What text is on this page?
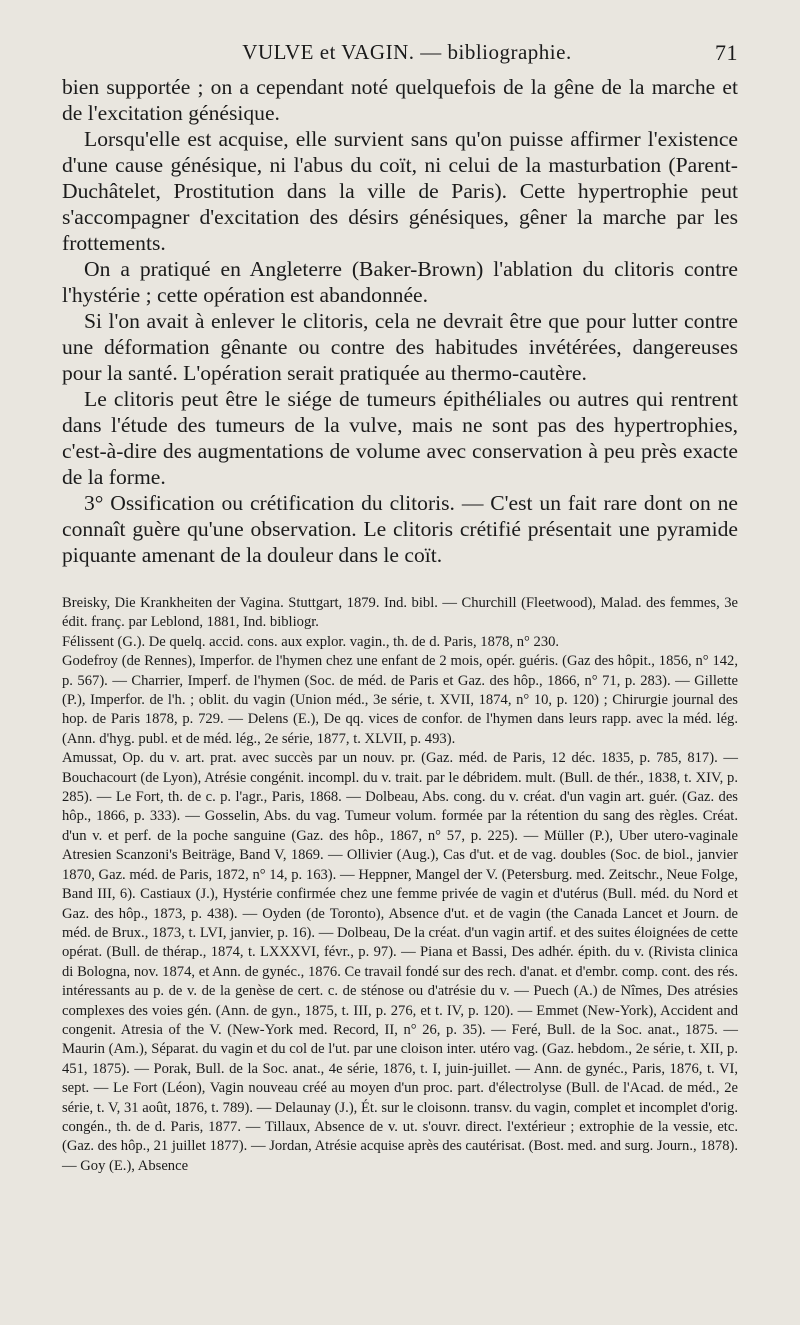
VULVE et VAGIN. — bibliographie.	71

bien supportée ; on a cependant noté quelquefois de la gêne de la marche et de l'excitation génésique.

Lorsqu'elle est acquise, elle survient sans qu'on puisse affirmer l'existence d'une cause génésique, ni l'abus du coït, ni celui de la masturbation (Parent-Duchâtelet, Prostitution dans la ville de Paris). Cette hypertrophie peut s'accompagner d'excitation des désirs génésiques, gêner la marche par les frottements.

On a pratiqué en Angleterre (Baker-Brown) l'ablation du clitoris contre l'hystérie ; cette opération est abandonnée.

Si l'on avait à enlever le clitoris, cela ne devrait être que pour lutter contre une déformation gênante ou contre des habitudes invétérées, dangereuses pour la santé. L'opération serait pratiquée au thermo-cautère.

Le clitoris peut être le siége de tumeurs épithéliales ou autres qui rentrent dans l'étude des tumeurs de la vulve, mais ne sont pas des hypertrophies, c'est-à-dire des augmentations de volume avec conservation à peu près exacte de la forme.

3° Ossification ou crétification du clitoris. — C'est un fait rare dont on ne connaît guère qu'une observation. Le clitoris crétifié présentait une pyramide piquante amenant de la douleur dans le coït.

Breisky, Die Krankheiten der Vagina. Stuttgart, 1879. Ind. bibl. — Churchill (Fleetwood), Malad. des femmes, 3e édit. franç. par Leblond, 1881, Ind. bibliogr.

Félissent (G.). De quelq. accid. cons. aux explor. vagin., th. de d. Paris, 1878, n° 230.

Godefroy (de Rennes), Imperfor. de l'hymen chez une enfant de 2 mois, opér. guéris. (Gaz des hôpit., 1856, n° 142, p. 567). — Charrier, Imperf. de l'hymen (Soc. de méd. de Paris et Gaz. des hôp., 1866, n° 71, p. 283). — Gillette (P.), Imperfor. de l'h. ; oblit. du vagin (Union méd., 3e série, t. XVII, 1874, n° 10, p. 120) ; Chirurgie journal des hop. de Paris 1878, p. 729. — Delens (E.), De qq. vices de confor. de l'hymen dans leurs rapp. avec la méd. lég. (Ann. d'hyg. publ. et de méd. lég., 2e série, 1877, t. XLVII, p. 493).

Amussat, Op. du v. art. prat. avec succès par un nouv. pr. (Gaz. méd. de Paris, 12 déc. 1835, p. 785, 817). — Bouchacourt (de Lyon), Atrésie congénit. incompl. du v. trait. par le débridem. mult. (Bull. de thér., 1838, t. XIV, p. 285). — Le Fort, th. de c. p. l'agr., Paris, 1868. — Dolbeau, Abs. cong. du v. créat. d'un vagin art. guér. (Gaz. des hôp., 1866, p. 333). — Gosselin, Abs. du vag. Tumeur volum. formée par la rétention du sang des règles. Créat. d'un v. et perf. de la poche sanguine (Gaz. des hôp., 1867, n° 57, p. 225). — Müller (P.), Uber utero-vaginale Atresien Scanzoni's Beiträge, Band V, 1869. — Ollivier (Aug.), Cas d'ut. et de vag. doubles (Soc. de biol., janvier 1870, Gaz. méd. de Paris, 1872, n° 14, p. 163). — Heppner, Mangel der V. (Petersburg. med. Zeitschr., Neue Folge, Band III, 6). Castiaux (J.), Hystérie confirmée chez une femme privée de vagin et d'utérus (Bull. méd. du Nord et Gaz. des hôp., 1873, p. 438). — Oyden (de Toronto), Absence d'ut. et de vagin (the Canada Lancet et Journ. de méd. de Brux., 1873, t. LVI, janvier, p. 16). — Dolbeau, De la créat. d'un vagin artif. et des suites éloignées de cette opérat. (Bull. de thérap., 1874, t. LXXXVI, févr., p. 97). — Piana et Bassi, Des adhér. épith. du v. (Rivista clinica di Bologna, nov. 1874, et Ann. de gynéc., 1876. Ce travail fondé sur des rech. d'anat. et d'embr. comp. cont. des rés. intéressants au p. de v. de la genèse de cert. c. de sténose ou d'atrésie du v. — Puech (A.) de Nîmes, Des atrésies complexes des voies gén. (Ann. de gyn., 1875, t. III, p. 276, et t. IV, p. 120). — Emmet (New-York), Accident and congenit. Atresia of the V. (New-York med. Record, II, n° 26, p. 35). — Feré, Bull. de la Soc. anat., 1875. — Maurin (Am.), Séparat. du vagin et du col de l'ut. par une cloison inter. utéro vag. (Gaz. hebdom., 2e série, t. XII, p. 451, 1875). — Porak, Bull. de la Soc. anat., 4e série, 1876, t. I, juin-juillet. — Ann. de gynéc., Paris, 1876, t. VI, sept. — Le Fort (Léon), Vagin nouveau créé au moyen d'un proc. part. d'électrolyse (Bull. de l'Acad. de méd., 2e série, t. V, 31 août, 1876, t. 789). — Delaunay (J.), Ét. sur le cloisonn. transv. du vagin, complet et incomplet d'orig. congén., th. de d. Paris, 1877. — Tillaux, Absence de v. ut. s'ouvr. direct. l'extérieur ; extrophie de la vessie, etc. (Gaz. des hôp., 21 juillet 1877). — Jordan, Atrésie acquise après des cautérisat. (Bost. med. and surg. Journ., 1878). — Goy (E.), Absence
